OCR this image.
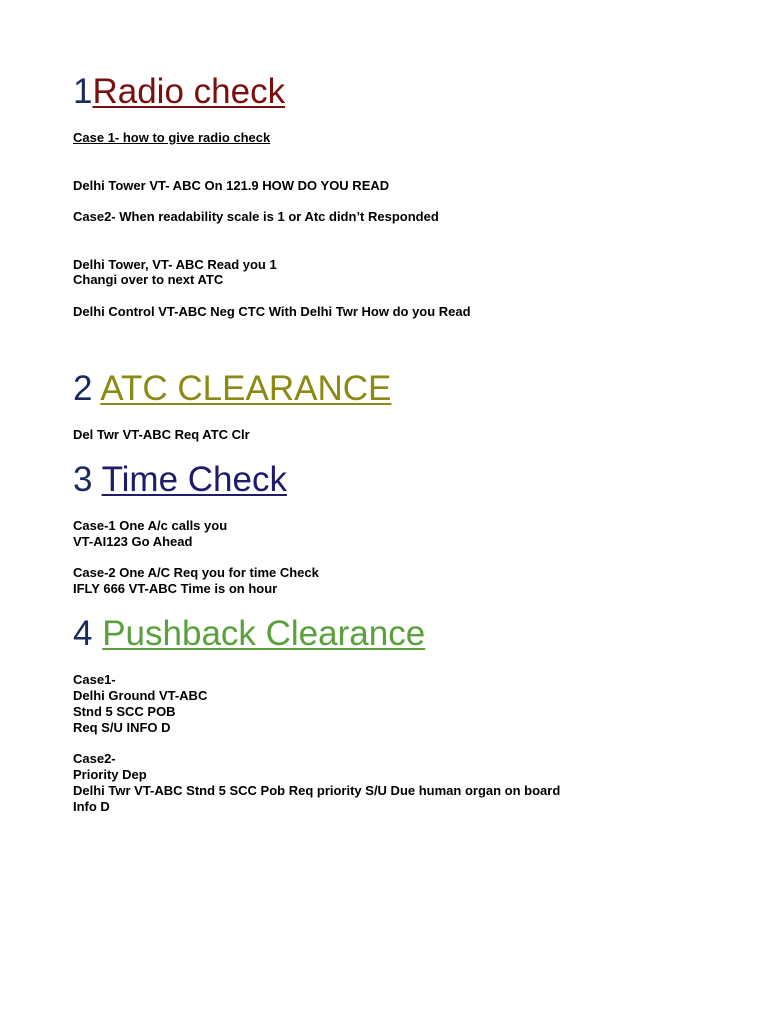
1Radio check

Case 1- how to give radio check

Delhi Tower VT- ABC On 121.9 HOW DO YOU READ

Case2- When readability scale is 1 or Atc didn’t Responded

Delhi Tower, VT- ABC Read you 1

Changi over to next ATC

Delhi Control VT-ABC Neg CTC With Delhi Twr How do you Read

2 ATC CLEARANCE

Del Twr VT-ABC Req ATC Clr

3 Time Check

Case-1 One A/c calls you

VT-AI123 Go Ahead

Case-2 One A/C Req you for time Check

IFLY 666 VT-ABC Time is on hour

4 Pushback Clearance

Case1-

Delhi Ground VT-ABC

Stnd 5 SCC POB

Req S/U INFO D

Case2-

Priority Dep

Delhi Twr VT-ABC Stnd 5 SCC Pob Req priority S/U Due human organ on board

Info D
